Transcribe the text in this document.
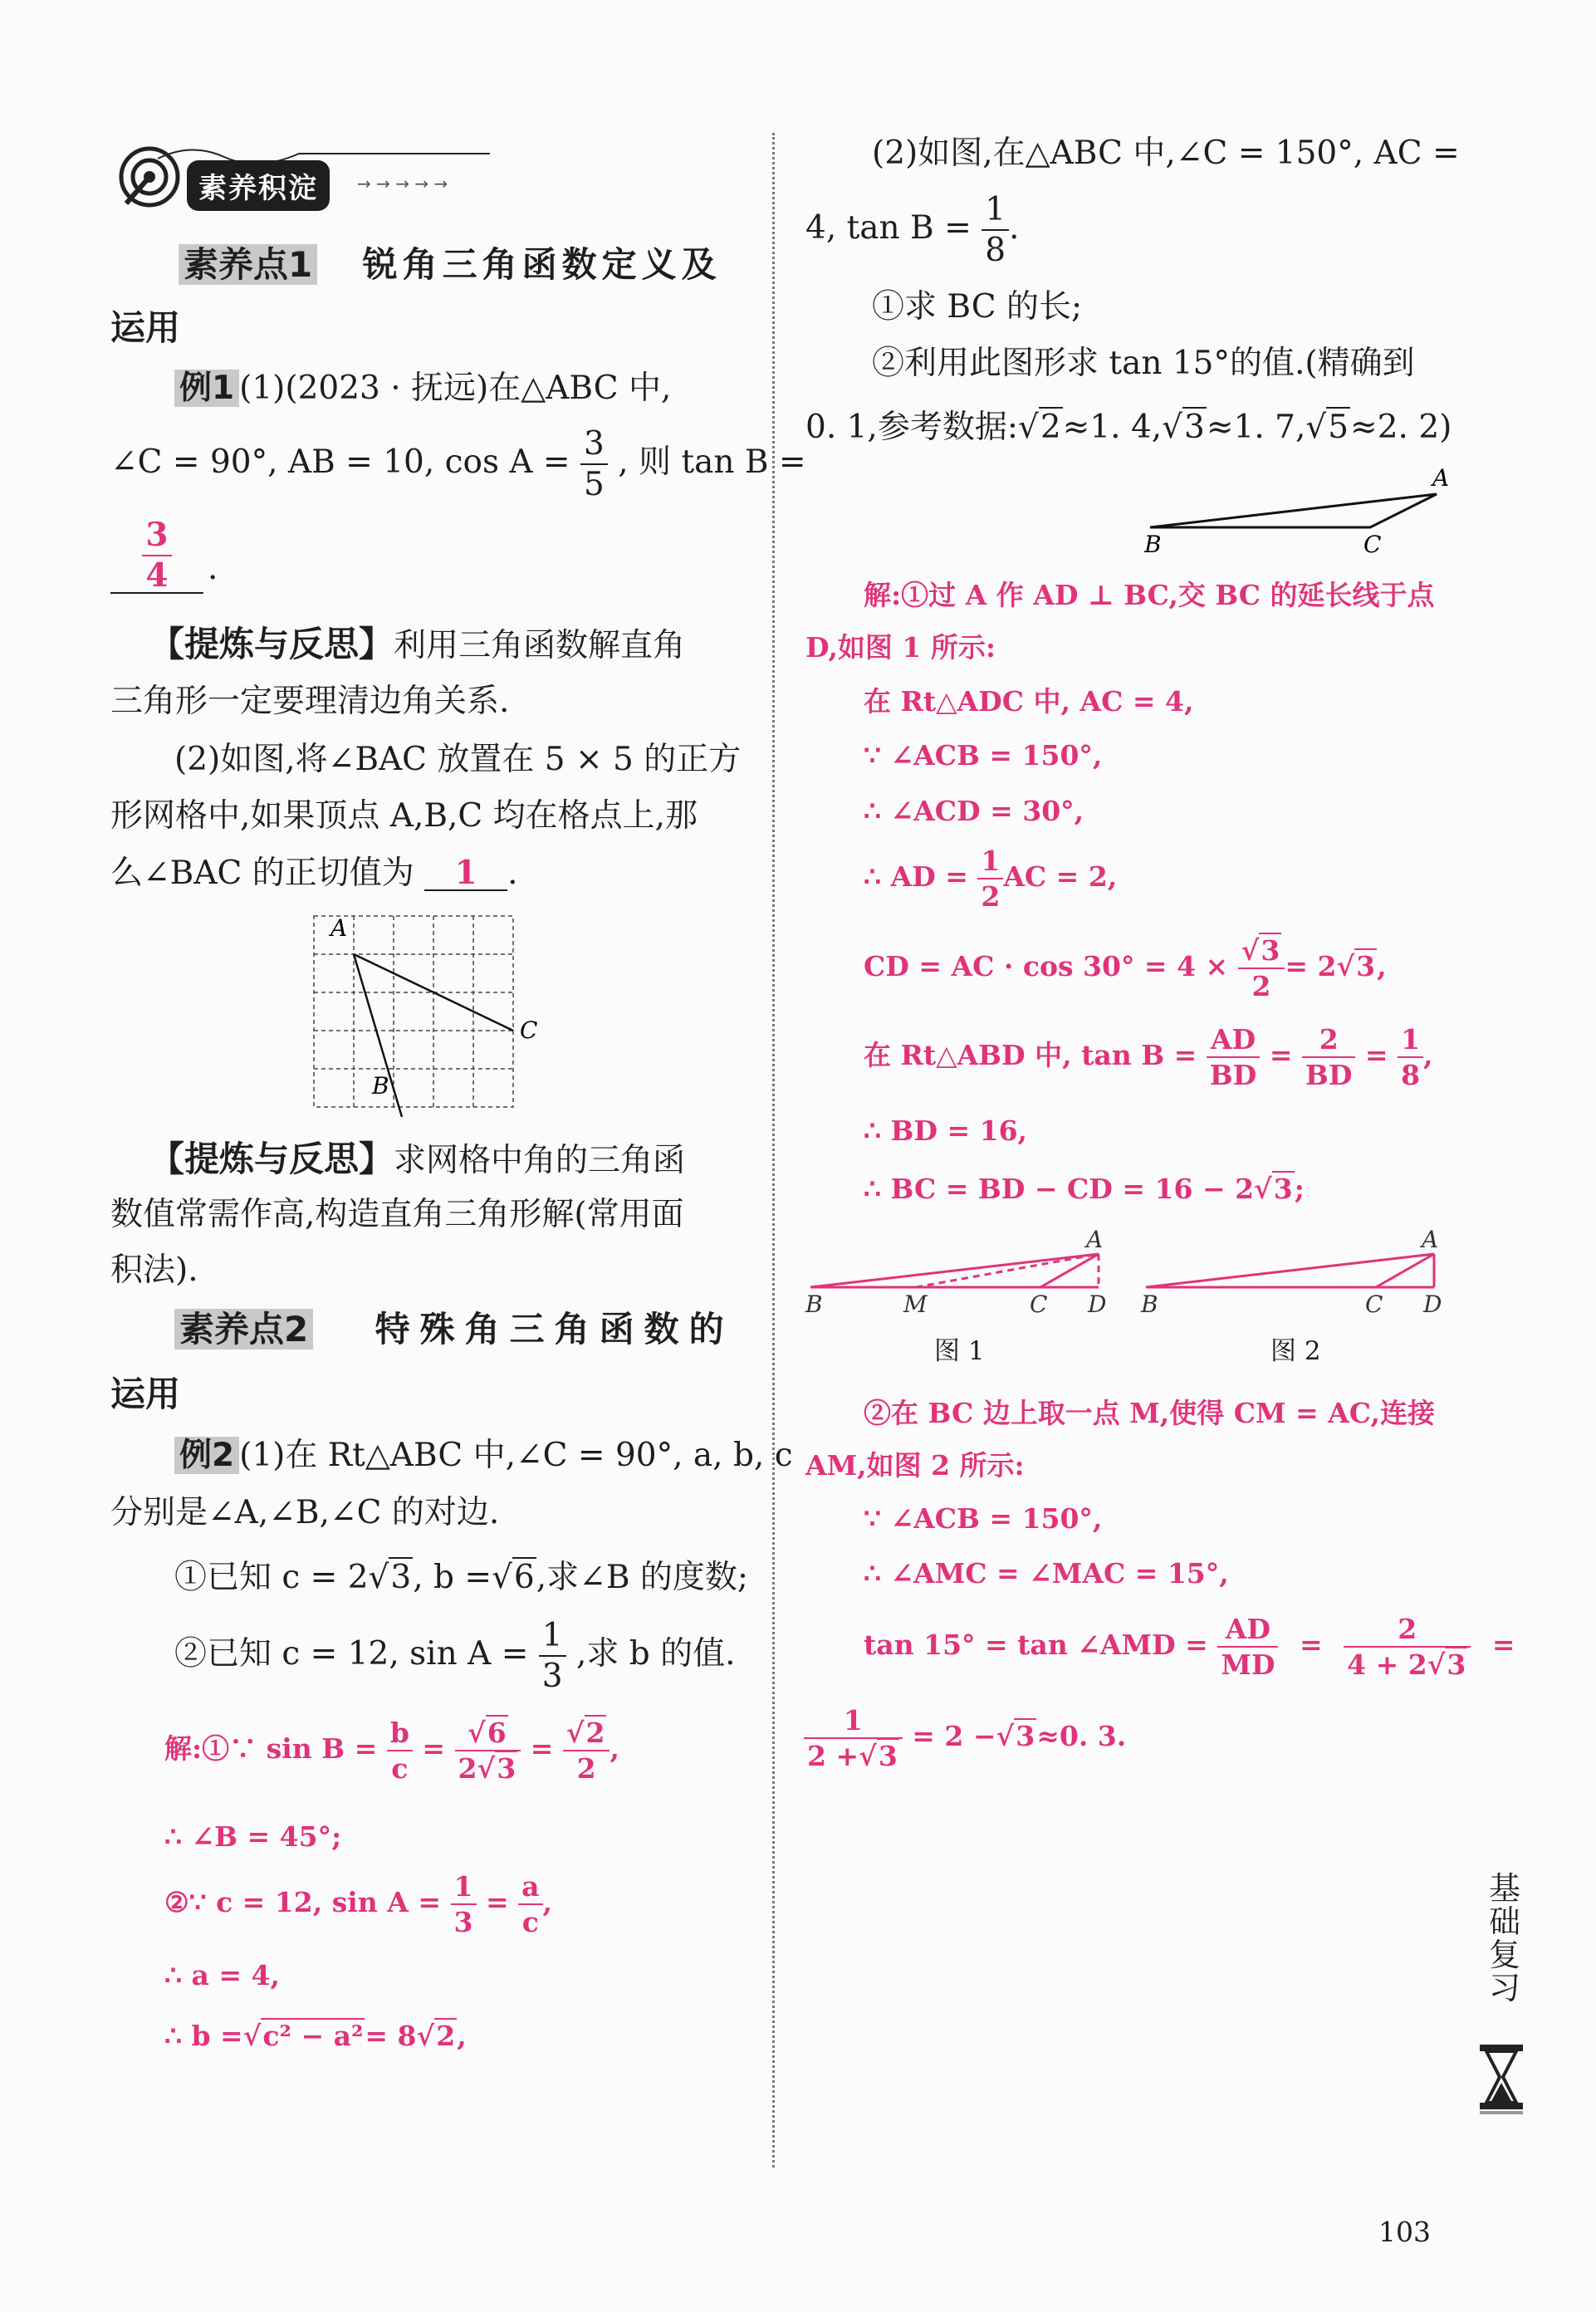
素养积淀	→ → → → →
素养点1 锐角三角函数定义及
运用
例1 (1)(2023 · 抚远)在△ABC 中,
∠C = 90°, AB = 10, $\cos A = \frac{3}{5}$ , 则 tan B =
$\frac{3}{4}$ .
【提炼与反思】利用三角函数解直角
三角形一定要理清边角关系.
(2)如图,将∠BAC 放置在 5 × 5 的正方
形网格中,如果顶点 A,B,C 均在格点上,那
么∠BAC 的正切值为 1 .
A
C
B
【提炼与反思】求网格中角的三角函
数值常需作高,构造直角三角形解(常用面
积法).
素养点2 特殊角三角函数的
运用
例2 (1)在 Rt△ABC 中,∠C = 90°, a, b, c
分别是∠A,∠B,∠C 的对边.
①已知 c = 2√3, b =√6,求∠B 的度数;
②已知 c = 12, $\sin A = \frac{1}{3}$ ,求 b 的值.
解:①∵ $\sin B = \frac{b}{c} = \frac{√6}{2√3} = \frac{√2}{2}$ ,
∴ ∠B = 45°;
②∵ c = 12, $\sin A = \frac{1}{3} = \frac{a}{c}$ ,
∴ a = 4,
∴ b =√c² − a²= 8√2,
(2)如图,在△ABC 中,∠C = 150°, AC =
4, $\tan B = \frac{1}{8}$ .
①求 BC 的长;
②利用此图形求 tan 15°的值.(精确到
0. 1,参考数据:√2≈1. 4,√3≈1. 7,√5≈2. 2)
A
B	C
解:①过 A 作 AD ⊥ BC,交 BC 的延长线于点
D,如图 1 所示:
在 Rt△ADC 中, AC = 4,
∵ ∠ACB = 150°,
∴ ∠ACD = 30°,
∴ AD = $\frac{1}{2}$ AC = 2,
CD = AC · $\cos 30^\circ = 4 \times \frac{√3}{2} = 2√3$,
在 Rt△ABD 中, $\tan B = \frac{AD}{BD} = \frac{2}{BD} = \frac{1}{8}$ ,
∴ BD = 16,
∴ BC = BD − CD = 16 − 2√3;
A
B	M	C D
图 1
A
B	C D
图 2
②在 BC 边上取一点 M,使得 CM = AC,连接
AM,如图 2 所示:
∵ ∠ACB = 150°,
∴ ∠AMC = ∠MAC = 15°,
tan 15° = tan ∠AMD = $\frac{AD}{MD} = \frac{2}{4 + 2√3}$ =
$\frac{1}{2 +√3} = 2 -√3\approx 0$. 3.
基
础
复
习
103
